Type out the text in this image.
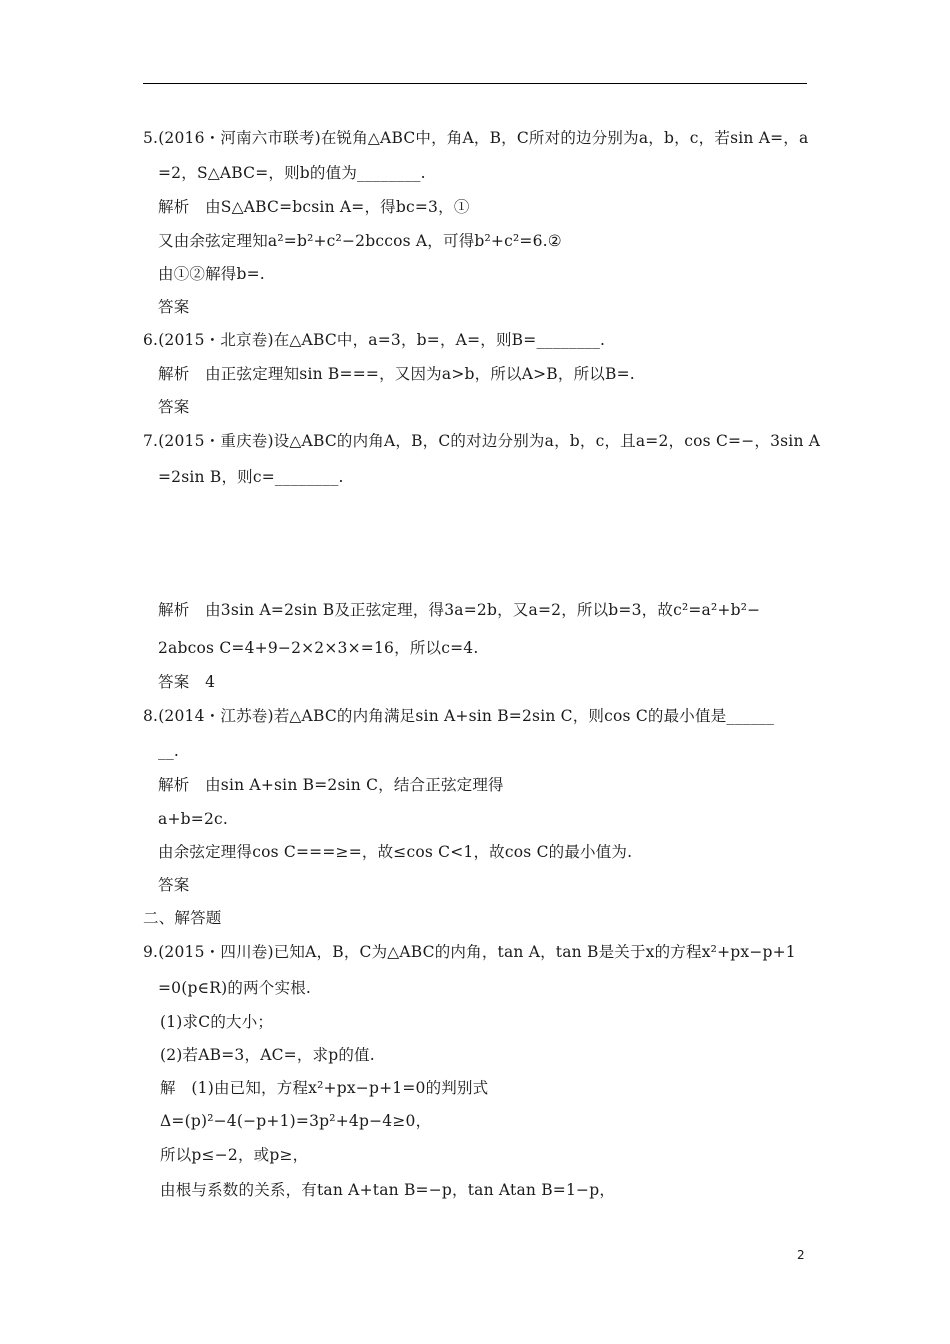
5.(2016・河南六市联考)在锐角△ABC中，角A，B，C所对的边分别为a，b，c，若sin A=，a
=2，S△ABC=，则b的值为________.
解析　由S△ABC=bcsin A=，得bc=3，①
又由余弦定理知a²=b²+c²−2bccos A，可得b²+c²=6.②
由①②解得b=.
答案
6.(2015・北京卷)在△ABC中，a=3，b=，A=，则B=________.
解析　由正弦定理知sin B===，又因为a>b，所以A>B，所以B=.
答案
7.(2015・重庆卷)设△ABC的内角A，B，C的对边分别为a，b，c，且a=2，cos C=−，3sin A
=2sin B，则c=________.
解析　由3sin A=2sin B及正弦定理，得3a=2b，又a=2，所以b=3，故c²=a²+b²−
2abcos C=4+9−2×2×3×=16，所以c=4.
答案　4
8.(2014・江苏卷)若△ABC的内角满足sin A+sin B=2sin C，则cos C的最小值是______
__.
解析　由sin A+sin B=2sin C，结合正弦定理得
a+b=2c.
由余弦定理得cos C===≥=，故≤cos C<1，故cos C的最小值为.
答案
二、解答题
9.(2015・四川卷)已知A，B，C为△ABC的内角，tan A，tan B是关于x的方程x²+px−p+1
=0(p∈R)的两个实根.
(1)求C的大小；
(2)若AB=3，AC=，求p的值.
解　(1)由已知，方程x²+px−p+1=0的判别式
Δ=(p)²−4(−p+1)=3p²+4p−4≥0，
所以p≤−2，或p≥，
由根与系数的关系，有tan A+tan B=−p，tan Atan B=1−p，
2
